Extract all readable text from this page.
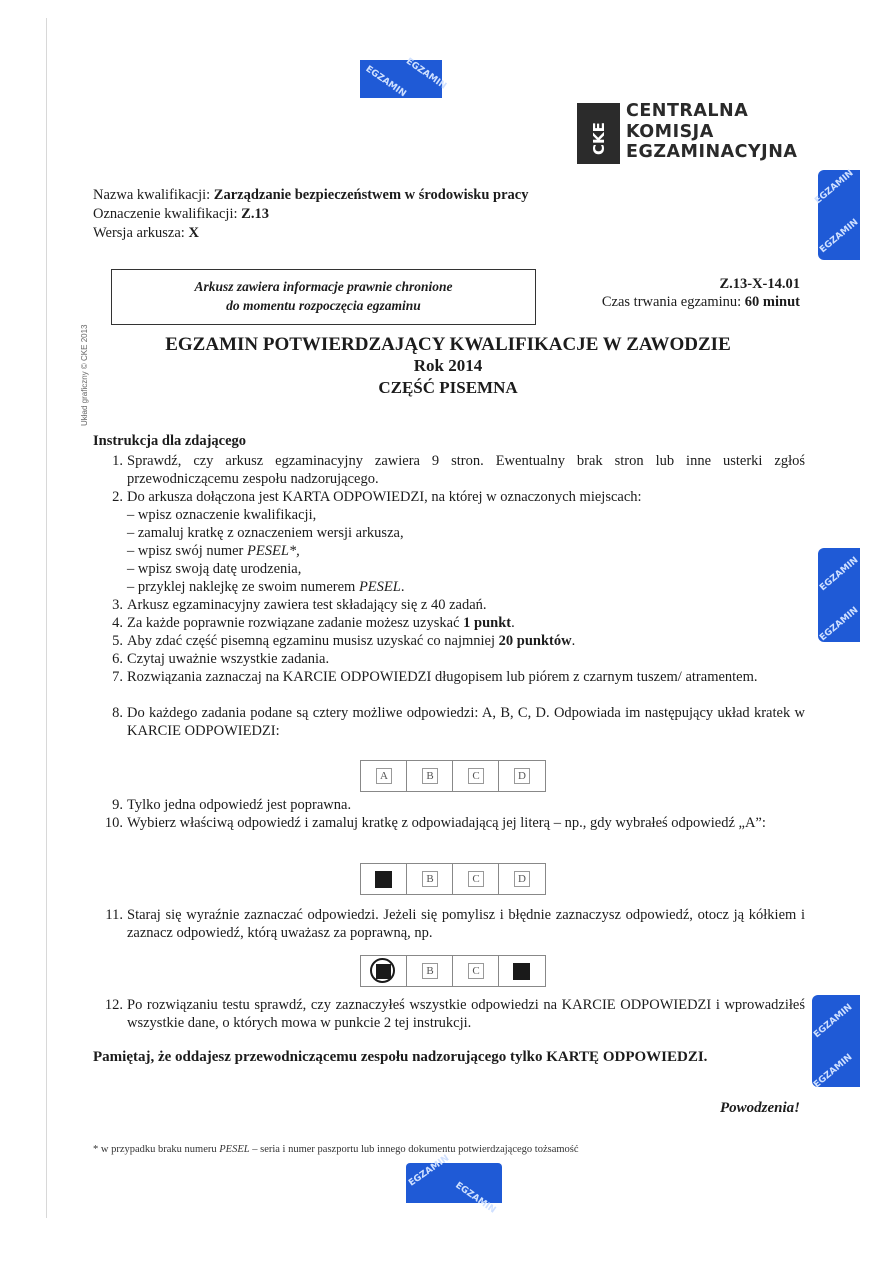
EGZAMIN
EGZAMIN
EGZAMIN
EGZAMIN
EGZAMIN
EGZAMIN
EGZAMIN
EGZAMIN
EGZAMIN
EGZAMIN
CKE
CENTRALNA
KOMISJA
EGZAMINACYJNA
Nazwa kwalifikacji: Zarządzanie bezpieczeństwem w środowisku pracy
Oznaczenie kwalifikacji: Z.13
Wersja arkusza: X
Układ graficzny © CKE 2013
Arkusz zawiera informacje prawnie chronione
do momentu rozpoczęcia egzaminu
Z.13-X-14.01
Czas trwania egzaminu: 60 minut
EGZAMIN POTWIERDZAJĄCY KWALIFIKACJE W ZAWODZIE
Rok 2014
CZĘŚĆ PISEMNA
Instrukcja dla zdającego
1. Sprawdź, czy arkusz egzaminacyjny zawiera 9 stron. Ewentualny brak stron lub inne usterki zgłoś przewodniczącemu zespołu nadzorującego.
2. Do arkusza dołączona jest KARTA ODPOWIEDZI, na której w oznaczonych miejscach:
– wpisz oznaczenie kwalifikacji,
– zamaluj kratkę z oznaczeniem wersji arkusza,
– wpisz swój numer PESEL*,
– wpisz swoją datę urodzenia,
– przyklej naklejkę ze swoim numerem PESEL.
3. Arkusz egzaminacyjny zawiera test składający się z 40 zadań.
4. Za każde poprawnie rozwiązane zadanie możesz uzyskać 1 punkt.
5. Aby zdać część pisemną egzaminu musisz uzyskać co najmniej 20 punktów.
6. Czytaj uważnie wszystkie zadania.
7. Rozwiązania zaznaczaj na KARCIE ODPOWIEDZI długopisem lub piórem z czarnym tuszem/ atramentem.
8. Do każdego zadania podane są cztery możliwe odpowiedzi: A, B, C, D. Odpowiada im następujący układ kratek w KARCIE ODPOWIEDZI:
9. Tylko jedna odpowiedź jest poprawna.
10. Wybierz właściwą odpowiedź i zamaluj kratkę z odpowiadającą jej literą – np., gdy wybrałeś odpowiedź „A”:
11. Staraj się wyraźnie zaznaczać odpowiedzi. Jeżeli się pomylisz i błędnie zaznaczysz odpowiedź, otocz ją kółkiem i zaznacz odpowiedź, którą uważasz za poprawną, np.
12. Po rozwiązaniu testu sprawdź, czy zaznaczyłeś wszystkie odpowiedzi na KARCIE ODPOWIEDZI i wprowadziłeś wszystkie dane, o których mowa w punkcie 2 tej instrukcji.
A	B	C	D
B	C	D
B	C
Pamiętaj, że oddajesz przewodniczącemu zespołu nadzorującego tylko KARTĘ ODPOWIEDZI.
Powodzenia!
* w przypadku braku numeru PESEL – seria i numer paszportu lub innego dokumentu potwierdzającego tożsamość
